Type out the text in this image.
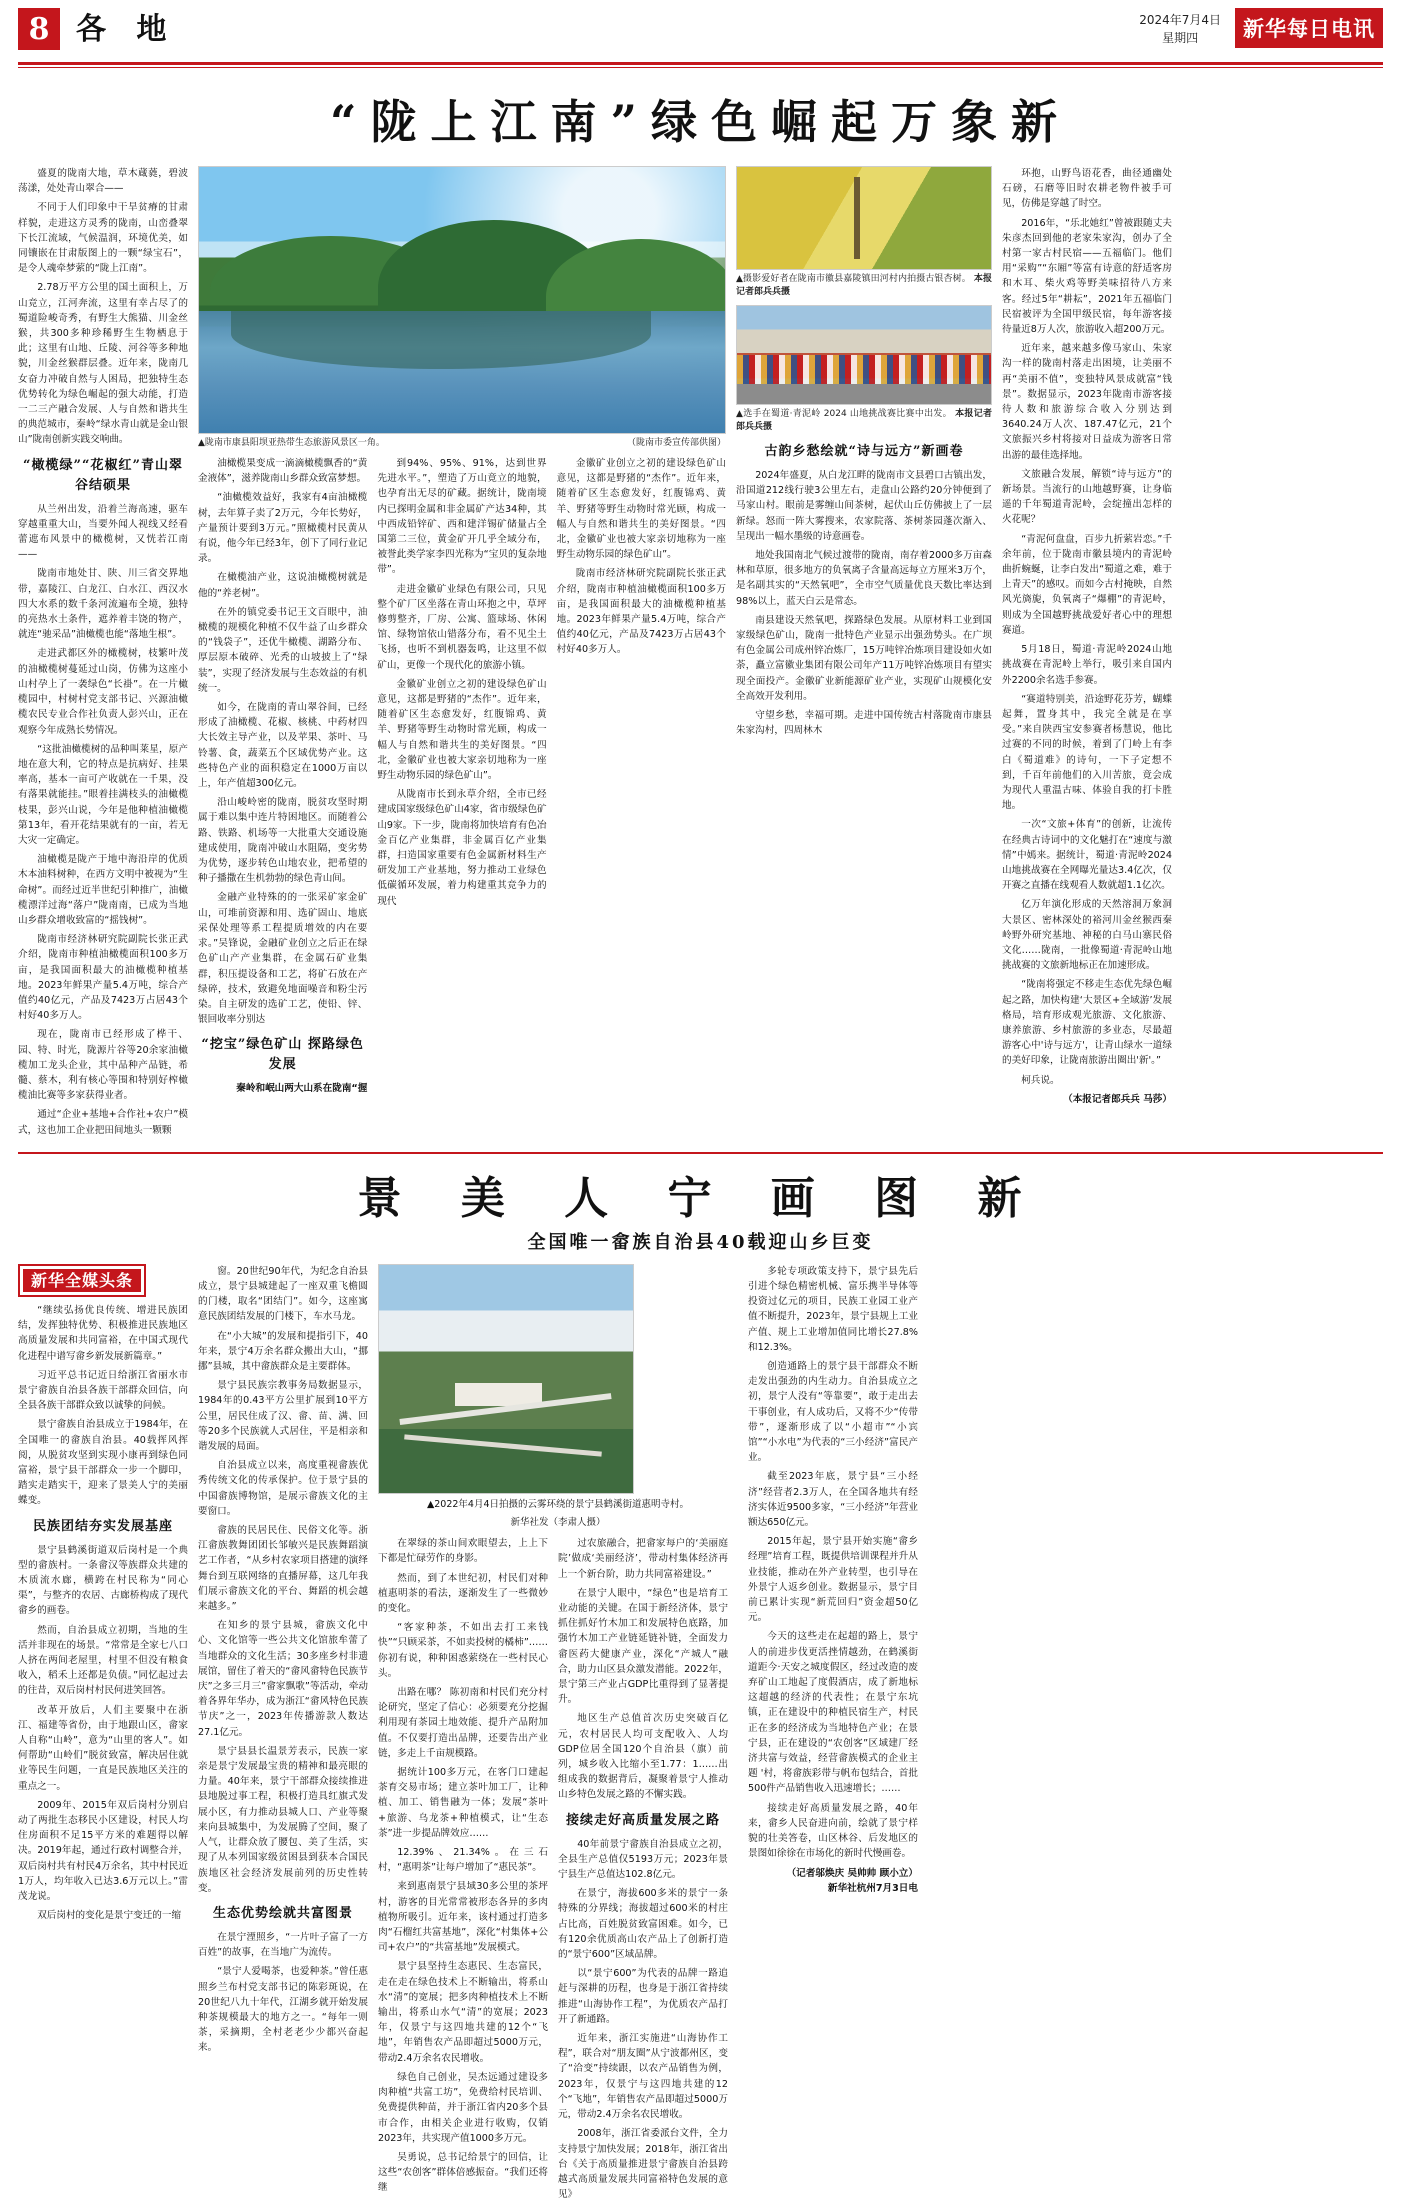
8 各 地	2024年7月4日
星期四	新华每日电讯
“陇上江南”绿色崛起万象新

盛夏的陇南大地，草木蔵蕤，碧波荡漾，处处青山翠合——

不同于人们印象中干旱贫瘠的甘肃样貌，走进这方灵秀的陇南，山峦叠翠下长江流域，气候温润，环境优美，如同镶嵌在甘肃版图上的一颗“绿宝石”，是令人魂牵梦萦的“陇上江南”。

2.78万平方公里的国土面积上，万山竞立，江河奔流，这里有幸占尽了的蜀道险峻奇秀，有野生大熊猫、川金丝猴，共300多种珍稀野生生物栖息于此；这里有山地、丘陵、河谷等多种地貌，川金丝猴群层叠。近年来，陇南几女奋力冲破自然与人困局，把独特生态优势转化为绿色崛起的强大动能，打造一二三产融合发展、人与自然和谐共生的典范城市，秦岭“绿水青山就是金山银山”陇南创新实践交响曲。

“橄榄绿”“花椒红”青山翠谷结硕果

从兰州出发，沿着兰海高速，驱车穿越重重大山，当要外闻人视线又经看蕾遮布风景中的橄榄树，又恍若江南——

陇南市地处甘、陕、川三省交界地带，嘉陵江、白龙江、白水江、西汉水四大水系的数千条河流遍布全境，独特的亮热水土条件，遮养着丰饶的物产，就连“驰采品”油橄榄也能“落地生根”。

走进武都区外的橄榄树，枝繁叶茂的油橄榄树蔓延过山岗，仿佛为这座小山村孕上了一袭绿色“长褂”。在一片橄榄园中，村树村党支部书记、兴源油橄榄农民专业合作社负责人彭兴山，正在观察今年成熟长势情况。

“这批油橄榄树的品种叫莱星，原产地在意大利，它的特点是抗病好、挂果率高，基本一亩可产收就在一千果，没有落果就能挂。”眼着挂满枝头的油橄榄枝果，彭兴山说，今年是他种植油橄榄第13年，看开花结果就有的一亩，若无大灾一定确定。

油橄榄是陇产于地中海沿岸的优质木本油料树种，在西方文明中被视为“生命树”。而经过近半世纪引种推广，油橄榄漂洋过海“落户”陇南南，已成为当地山乡群众增收致富的“摇钱树”。

陇南市经济林研究院副院长张正武介绍，陇南市种植油橄榄面积100多万亩，是我国面积最大的油橄榄种植基地。2023年鲜果产量5.4万吨，综合产值约40亿元，产品及7423万占居43个村好40多万人。

现在，陇南市已经形成了桦干、园、特、时光，陇源片谷等20余家油橄榄加工龙头企业，其中品种产品链，希髓、蔡木，利有核心等围和特别好榨橄榄油比赛等多家获得业者。

通过“企业+基地+合作社+农户”模式，这也加工企业把田间地头一颗颗

▲陇南市康县阳坝亚热带生态旅游风景区一角。	（陇南市委宣传部供图）

油橄榄果变成一滴滴橄榄飘香的“黄金液体”，滋养陇南山乡群众致富梦想。

“油橄榄效益好，我家有4亩油橄榄树，去年算子卖了2万元，今年长势好，产量预计要到3万元。”照橄榄村民黄从有说，他今年已经3年，创下了同行业记录。

在橄榄油产业，这说油橄榄树就是他的“养老树”。

在外的镇党委书记王文百眼中，油橄榄的规模化种植不仅牛益了山乡群众的“钱袋子”，还优牛橄榄、湖路分布、厚层原本破碎、光秃的山坡披上了“绿装”，实现了经济发展与生态效益的有机统一。

如今，在陇南的青山翠谷间，已经形成了油橄榄、花椒、核桃、中药材四大长效主导产业，以及苹果、茶叶、马铃薯、食，蔬菜五个区域优势产业。这些特色产业的面积稳定在1000万亩以上，年产值超300亿元。

沿山峻岭密的陇南，脱贫攻坚时期属于难以集中连片特困地区。而随着公路、铁路、机场等一大批重大交通设施建成使用，陇南冲破山水阻隔，变劣势为优势，逐步转色山地农业，把希望的种子播撒在生机勃勃的绿色青山间。

金融产业特殊的的一张采矿家金矿山，可堆前资源和用、选矿固山、地底采保处理等系工程提质增效的内在要求。”吴锋说，金融矿业创立之后正在绿色矿山产产业集群，在金属石矿业集群，积压提设备和工艺，将矿石放在产绿碎，技术，致避免地面噪音和粉尘污染。自主研发的选矿工艺，使铅、锌、银回收率分别达

“挖宝”绿色矿山 探路绿色发展
秦岭和岷山两大山系在陇南“握

到94%、95%、91%，达到世界先进水平。”，塑造了万山竟立的地貌，也孕育出无尽的矿藏。据统计，陇南境内已探明金属和非金属矿产达34种，其中西成铅锌矿、西和建洋锡矿储量占全国第二三位，黄金矿开几乎全域分布，被誉此类学家李四光称为“宝贝的复杂地带”。

走进金徽矿业绿色有限公司，只见整个矿厂区坐落在青山环抱之中，草坪修剪整齐，厂房、公寓、篮球场、休闲馆、绿物馆依山错落分布，看不见尘土飞扬，也听不到机器轰鸣，让这里不似矿山，更像一个现代化的旅游小镇。

金徽矿业创立之初的建设绿色矿山意见，这都是野猪的“杰作”。近年来，随着矿区生态愈发好，红腹锦鸡、黄羊、野猪等野生动物时常光顾，构成一幅人与自然和谐共生的美好图景。“四北，金徽矿业也被大家亲切地称为一座野生动物乐园的绿色矿山”。

从陇南市长到永草介绍，全市已经建成国家级绿色矿山4家，省市级绿色矿山9家。下一步，陇南将加快培育有色冶金百亿产业集群，非金属百亿产业集群，扫造国家重要有色金属新材料生产研发加工产业基地，努力推动工业绿色低碳循环发展，着力构建重其竞争力的现代

金徽矿业创立之初的建设绿色矿山意见，这都是野猪的“杰作”。近年来，随着矿区生态愈发好，红腹锦鸡、黄羊、野猪等野生动物时常光顾，构成一幅人与自然和谐共生的美好图景。“四北，金徽矿业也被大家亲切地称为一座野生动物乐园的绿色矿山”。

陇南市经济林研究院副院长张正武介绍，陇南市种植油橄榄面积100多万亩，是我国面积最大的油橄榄种植基地。2023年鲜果产量5.4万吨，综合产值约40亿元，产品及7423万占居43个村好40多万人。

▲摄影爱好者在陇南市徽县嘉陵镇田河村内拍摄古银杏树。 本报记者郎兵兵摄
▲选手在蜀道·青泥岭 2024 山地挑战赛比赛中出发。 本报记者郎兵兵摄
古韵乡愁绘就“诗与远方”新画卷

2024年盛夏，从白龙江畔的陇南市文县碧口古镇出发，沿国道212线行驶3公里左右，走盘山公路约20分钟便到了马家山村。眼前是雾缠山间茶树，起伏山丘仿佛披上了一层新绿。怒而一阵大雾搜来，农家院落、茶树茶园蓬次渐入、呈现出一幅水墨级的诗意画卷。

地处我国南北气候过渡带的陇南，南存着2000多万亩森林和草原，很多地方的负氧离子含量高远每立方厘米3万个，是名副其实的“天然氧吧”，全市空气质量优良天数比率达到98%以上，蓝天白云是常态。

南县建设天然氧吧，探路绿色发展。从原材料工业到国家级绿色矿山，陇南一批特色产业显示出强劲势头。在广坝有色金属公司成州锌冶炼厂，15万吨锌冶炼项目建设如火如荼，矗立富徽业集团有限公司年产11万吨锌冶炼项目有望实现全面投产。金徽矿业新能源矿业产业，实现矿山规模化安全高效开发利用。

守望乡愁，幸福可期。走进中国传统古村落陇南市康县朱家沟村，四周林木

环抱，山野鸟语花香，曲径通幽处石磅，石磨等旧时农耕老物件被手可见，仿佛是穿越了时空。

2016年，“乐北她红”曾被跟随丈夫朱彦杰回到他的老家朱家沟，创办了全村第一家古村民宿——五福临门。他们用“采购”“东厢”等富有诗意的舒适客房和木耳、柴火鸡等野美味招待八方来客。经过5年“耕耘”，2021年五福临门民宿被评为全国甲级民宿，每年游客接待量近8万人次，旅游收入超200万元。

近年来，越来越多像马家山、朱家沟一样的陇南村落走出困境，让美丽不再“美丽不值”，变独特风景成就富“钱景”。数据显示，2023年陇南市游客接待人数和旅游综合收入分别达到3640.24万人次、187.47亿元，21个文旅振兴乡村将接对日益成为游客日常出游的最佳选择地。

文旅融合发展，解锁“诗与远方”的新场景。当流行的山地越野赛，让身临遥的千年蜀道青泥岭，会绽撞出怎样的火花呢？

“青泥何盘盘，百步九折萦岩恋。”千余年前，位于陇南市徽县境内的青泥岭曲折蜿蜒，让李白发出“蜀道之难，难于上青天”的感叹。而如今古村掩映，自然风光旖旎，负氧离子“爆棚”的青泥岭，则成为全国越野挑战爱好者心中的理想赛道。

5月18日，蜀道·青泥岭2024山地挑战赛在青泥岭上举行，吸引来自国内外2200余名选手参赛。

“赛道特别美，沿途野花芬芳，蝴蝶起舞，置身其中，我完全就是在享受。”来自陕西宝安参赛者杨慧说，他比过赛的不同的时候，着到了门岭上有李白《蜀道难》的诗句，一下子定想不到，千百年前他们的入川苦旅，竟会成为现代人重温古味、体验自我的打卡胜地。

一次“文旅+体育”的创新，让流传在经典古诗词中的文化魅打在“速度与激情”中嫣来。据统计，蜀道·青泥岭2024山地挑战赛在全网曝光量达3.4亿次，仅开赛之直播在线观看人数就超1.1亿次。

亿万年演化形成的天然溶洞万象洞大景区、密林深处的裕河川金丝猴西秦岭野外研究基地、神秘的白马山寨民俗文化……陇南，一批像蜀道·青泥岭山地挑战赛的文旅新地标正在加速形成。

“陇南将强定不移走生态优先绿色崛起之路，加快构建‘大景区+全域游’发展格局，培育形成观光旅游、文化旅游、康养旅游、乡村旅游的多业态，尽最超游客心中'诗与远方'，让青山绿水一道绿的美好印象，让陇南旅游出圈出'新'。”

柯兵说。

（本报记者郎兵兵 马莎）
景 美 人 宁 画 图 新
全国唯一畲族自治县40载迎山乡巨变
新华全媒头条

“继续弘扬优良传统、增进民族团结，发挥独特优势、积极推进民族地区高质量发展和共同富裕，在中国式现代化进程中谱写畲乡新发展新篇章。”

习近平总书记近日给浙江省丽水市景宁畲族自治县各族干部群众回信，向全县各族干部群众致以诚挚的问候。

景宁畲族自治县成立于1984年，在全国唯一的畲族自治县。40载挥风挥阅，从脱贫攻坚到实现小康再到绿色同富裕，景宁县干部群众一步一个脚印，踏实走踏实干，迎来了景美人宁的美丽蝶变。

民族团结夯实发展基座

景宁县鹤溪街道双后岗村是一个典型的畲族村。一条畲汉等族群众共建的木质流水廊，横跨在村民称为“同心渠”，与整齐的农居、古廊桥构成了现代畲乡的画卷。

然而，自治县成立初期，当地的生活并非现在的场景。“常常是全家七八口人挤在两间老屋里，村里不但没有粮食收入，稻禾上还都是负债。”同忆起过去的往昔，双后岗村村民何进笑回答。

改革开放后，人们主要聚中在浙江、福建等省份，由于地跟山区，畲家人自称“山岭”，意为“山里的客人”。如何帮助“山岭们”脱贫致富，解决居住就业等民生问题，一直是民族地区关注的重点之一。

2009年、2015年双后岗村分别启动了两批生态移民小区建设，村民人均住房面积不足15平方米的难题得以解决。2019年起，通过行政村调整合并，双后岗村共有村民4万余名，其中村民近1万人，均年收入已达3.6万元以上。”雷茂龙说。

双后岗村的变化是景宁变迁的一缩

窗。20世纪90年代，为纪念自治县成立，景宁县城建起了一座双重飞檐圆的门楼，取名“团结门”。如今，这座寓意民族团结发展的门楼下，车水马龙。

在“小大城”的发展和提指引下，40年来，景宁4万余名群众搬出大山，“挪挪”县城，其中畲族群众是主要群体。

景宁县民族宗教事务局数据显示，1984年的0.43平方公里扩展到10平方公里，居民住成了汉、畲、苗、满、回等20多个民族就人式居住，平是相亲和谐发展的局面。

自治县成立以来，高度重视畲族优秀传统文化的传承保护。位于景宁县的中国畲族博物馆，是展示畲族文化的主要窗口。

畲族的民居民住、民俗文化等。浙江畲族教舞团团长邹敏兴是民族舞蹈演艺工作者，“从乡村农家项目搭建的演绎舞台到互联网络的直播屏幕，这几年我们展示畲族文化的平台、舞蹈的机会越来越多。”

在知乡的景宁县城，畲族文化中心、文化馆等一些公共文化馆旅牟蕾了当地群众的文化生活；30多座乡村非遗展馆，留住了着天的“畲风畲特色民族节庆”之多三月三”畲家飘歌”等活动，牵动着各界年华办，成为浙江“畲风特色民族节庆”之一，2023年传播游款人数达27.1亿元。

景宁县县长温景芳表示，民族一家亲是景宁发展最宝贵的精神和最亮眼的力量。40年来，景宁干部群众接续推进县地脱过事工程，积极打造具红旗式发展小区，有力推动县城人口、产业等聚来向县城集中，为发展腾了空间，聚了人气，让群众放了腰包、美了生活，实现了从本列国家级贫困县到获本合国民族地区社会经济发展前列的历史性转变。

生态优势绘就共富图景

在景宁湮照乡，“一片叶子富了一方百姓”的故事，在当地广为流传。

“景宁人爱喝茶，也爱种茶。”曾任惠照乡兰布村党支部书记的陈彩斑说，在20世纪八九十年代，江湖乡就开始发展种茶规模最大的地方之一。“每年一则茶，采摘期，全村老老少少都兴奋起来。

▲2022年4月4日拍摄的云雾环绕的景宁县鹤溪街道惠明寺村。
新华社发（李肃人摄）

在翠绿的茶山间欢眼望去，上上下下都是忙碌劳作的身影。

然而，到了本世纪初，村民们对种植惠明茶的看法，逐渐发生了一些微妙的变化。

“客家种茶，不如出去打工来钱快”“只顾采茶，不如卖投树的橘柿”……你初有说，种种困惑萦绕在一些村民心头。

出路在哪？ 陈初南和村民们充分村论研究，坚定了信心：必须要充分挖掘利用现有茶园土地效能、提升产品附加值。不仅要打造出品牌，还要告出产业链，多走上千亩规模路。

据统计100多万元，在客门口建起茶育交易市场；建立茶叶加工厂，让种植、加工、销售融为一体；发展“茶叶+旅游、乌龙茶+种植模式，让“生态茶”进一步提品牌效应……

12.39%、21.34%。在三石村，“惠明茶”让每户增加了“惠民茶”。

来到惠南景宁县域30多公里的茶坪村，游客的目光常常被形态各异的多肉植物所吸引。近年来，该村通过打造多肉“石榴红共富基地”，深化“村集体+公司+农户”的“共富基地”发展模式。

景宁县坚持生态惠民、生态富民，走在走在绿色技术上不断输出，将系山水“清”的宽展；把多肉种植技术上不断输出，将系山水气“清”的宽展；2023年，仅景宁与这四地共建的12个“飞地”，年销售农产品即超过5000万元，带动2.4万余名农民增收。

绿色自己创业，吴杰远通过建设多肉种植“共富工坊”，免费给村民培训、免费提供种苗，并于浙江省内20多个县市合作，由相关企业进行收购，仅销2023年，共实现产值1000多万元。

吴勇说，总书记给景宁的回信，让这些“农创客”群体倍感振奋。“我们还将继

过农旅融合，把畲家每户的‘美丽庭院’做成‘美丽经济’，带动村集体经济再上一个新台阶，助力共同富裕建设。”

在景宁人眼中，“绿色”也是培育工业动能的关键。在国于新经济体，景宁抓住抓好竹木加工和发展特色底路，加强竹木加工产业链延链补链，全面发力畲医药大健康产业，深化“产城人”融合，助力山区县众激发潜能。2022年，景宁第三产业占GDP比重得到了显著提升。

地区生产总值首次历史突破百亿元，农村居民人均可支配收入、人均GDP位居全国120个自治县（旗）前列，城乡收入比缩小至1.77：1……出组成我的数据背后，凝聚着景宁人推动山乡特色发展之路的不懈实践。

接续走好高质量发展之路

40年前景宁畲族自治县成立之初，全县生产总值仅5193万元；2023年景宁县生产总值达102.8亿元。

在景宁，海拔600多米的景宁一条特殊的分界线；海拔超过600米的村庄占比高，百姓脱贫致富困难。如今，已有120余优质高山农产品上了创新打造的“景宁600”区域品牌。

以“景宁600”为代表的品牌一路追赶与深耕的历程，也身是于浙江省持续推进“山海协作工程”，为优质农产品打开了新通路。

近年来，浙江实施进“山海协作工程”，联合对“朋友圈”从宁波都州区，变了“洽变”持续跟，以农产品销售为例，2023年，仅景宁与这四地共建的12个“飞地”，年销售农产品即超过5000万元，带动2.4万余名农民增收。

2008年，浙江省委派台文件，全力支持景宁加快发展；2018年，浙江省出台《关于高质量推进景宁畲族自治县跨越式高质量发展共同富裕特色发展的意见》

多轮专项政策支持下，景宁县先后引进个绿色精密机械、富乐携半导体等投资过亿元的项目，民族工业园工业产值不断提升，2023年，景宁县规上工业产值、规上工业增加值同比增长27.8%和12.3%。

创造通路上的景宁县干部群众不断走发出强劲的内生动力。自治县成立之初，景宁人没有“等靠要”，敢于走出去干事创业，有人成功后，又将不少“传带带”，逐渐形成了以“小超市”“小宾馆”“小水电”为代表的“三小经济”富民产业。

截至2023年底，景宁县“三小经济”经营者2.3万人，在全国各地共有经济实体近9500多家，“三小经济”年营业额达650亿元。

2015年起，景宁县开始实施“畲乡经理”培育工程，既提供培训课程并升从业技能，推动在外产业转型，也引导在外景宁人返乡创业。数据显示，景宁目前已累计实现“新荒回归”资金超50亿元。

今天的这些走在起超的路上，景宁人的前进步伐更活挫情越劲，在鹤溪街道距今·天安之城度假区，经过改造的废弃矿山工地起了度假酒店，成了新地标这超越的经济的代表性；在景宁东坑镇，正在建设中的种植民宿生产，村民正在多的经济成为当地特色产业；在景宁县，正在建设的“农创客”区域建厂经济共富与效益，经营畲族模式的企业主题 '村，将畲族彩带与帆布包结合，首批500件产品销售收入迅速增长；……

接续走好高质量发展之路，40年来，畲乡人民奋进向前，绘就了景宁样貌的壮美答卷，山区林谷、后发地区的景图如徐徐在市场化的新时代慢画卷。

（记者邬焕庆 吴帅帅 顾小立）
新华社杭州7月3日电
